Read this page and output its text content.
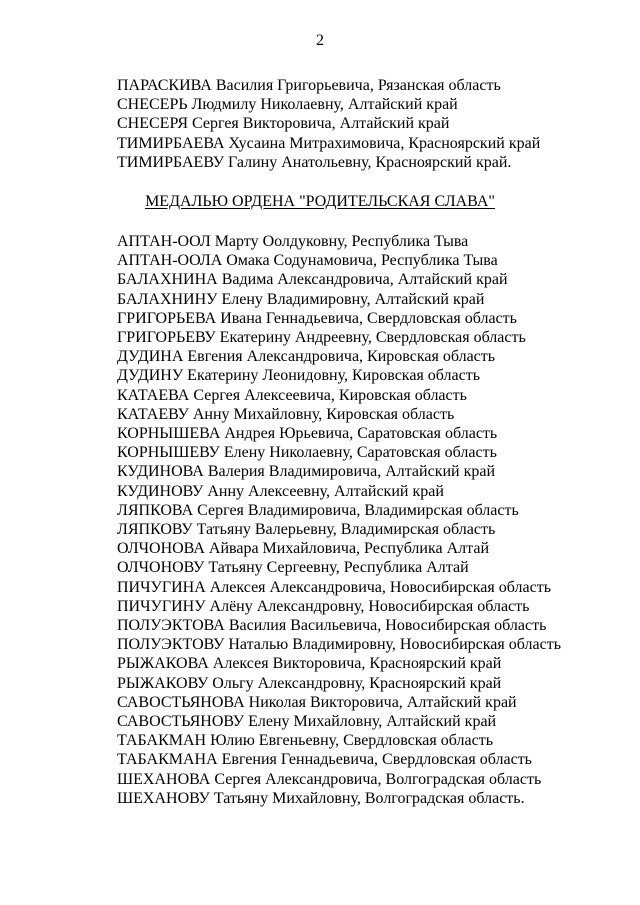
2
ПАРАСКИВА Василия Григорьевича, Рязанская область
СНЕСЕРЬ Людмилу Николаевну, Алтайский край
СНЕСЕРЯ Сергея Викторовича, Алтайский край
ТИМИРБАЕВА Хусаина Митрахимовича, Красноярский край
ТИМИРБАЕВУ Галину Анатольевну, Красноярский край.
МЕДАЛЬЮ ОРДЕНА "РОДИТЕЛЬСКАЯ СЛАВА"
АПТАН-ООЛ Марту Оолдуковну, Республика Тыва
АПТАН-ООЛА Омака Содунамовича, Республика Тыва
БАЛАХНИНА Вадима Александровича, Алтайский край
БАЛАХНИНУ Елену Владимировну, Алтайский край
ГРИГОРЬЕВА Ивана Геннадьевича, Свердловская область
ГРИГОРЬЕВУ Екатерину Андреевну, Свердловская область
ДУДИНА Евгения Александровича, Кировская область
ДУДИНУ Екатерину Леонидовну, Кировская область
КАТАЕВА Сергея Алексеевича, Кировская область
КАТАЕВУ Анну Михайловну, Кировская область
КОРНЫШЕВА Андрея Юрьевича, Саратовская область
КОРНЫШЕВУ Елену Николаевну, Саратовская область
КУДИНОВА Валерия Владимировича, Алтайский край
КУДИНОВУ Анну Алексеевну, Алтайский край
ЛЯПКОВА Сергея Владимировича, Владимирская область
ЛЯПКОВУ Татьяну Валерьевну, Владимирская область
ОЛЧОНОВА Айвара Михайловича, Республика Алтай
ОЛЧОНОВУ Татьяну Сергеевну, Республика Алтай
ПИЧУГИНА Алексея Александровича, Новосибирская область
ПИЧУГИНУ Алёну Александровну, Новосибирская область
ПОЛУЭКТОВА Василия Васильевича, Новосибирская область
ПОЛУЭКТОВУ Наталью Владимировну, Новосибирская область
РЫЖАКОВА Алексея Викторовича, Красноярский край
РЫЖАКОВУ Ольгу Александровну, Красноярский край
САВОСТЬЯНОВА Николая Викторовича, Алтайский край
САВОСТЬЯНОВУ Елену Михайловну, Алтайский край
ТАБАКМАН Юлию Евгеньевну, Свердловская область
ТАБАКМАНА Евгения Геннадьевича, Свердловская область
ШЕХАНОВА Сергея Александровича, Волгоградская область
ШЕХАНОВУ Татьяну Михайловну, Волгоградская область.
